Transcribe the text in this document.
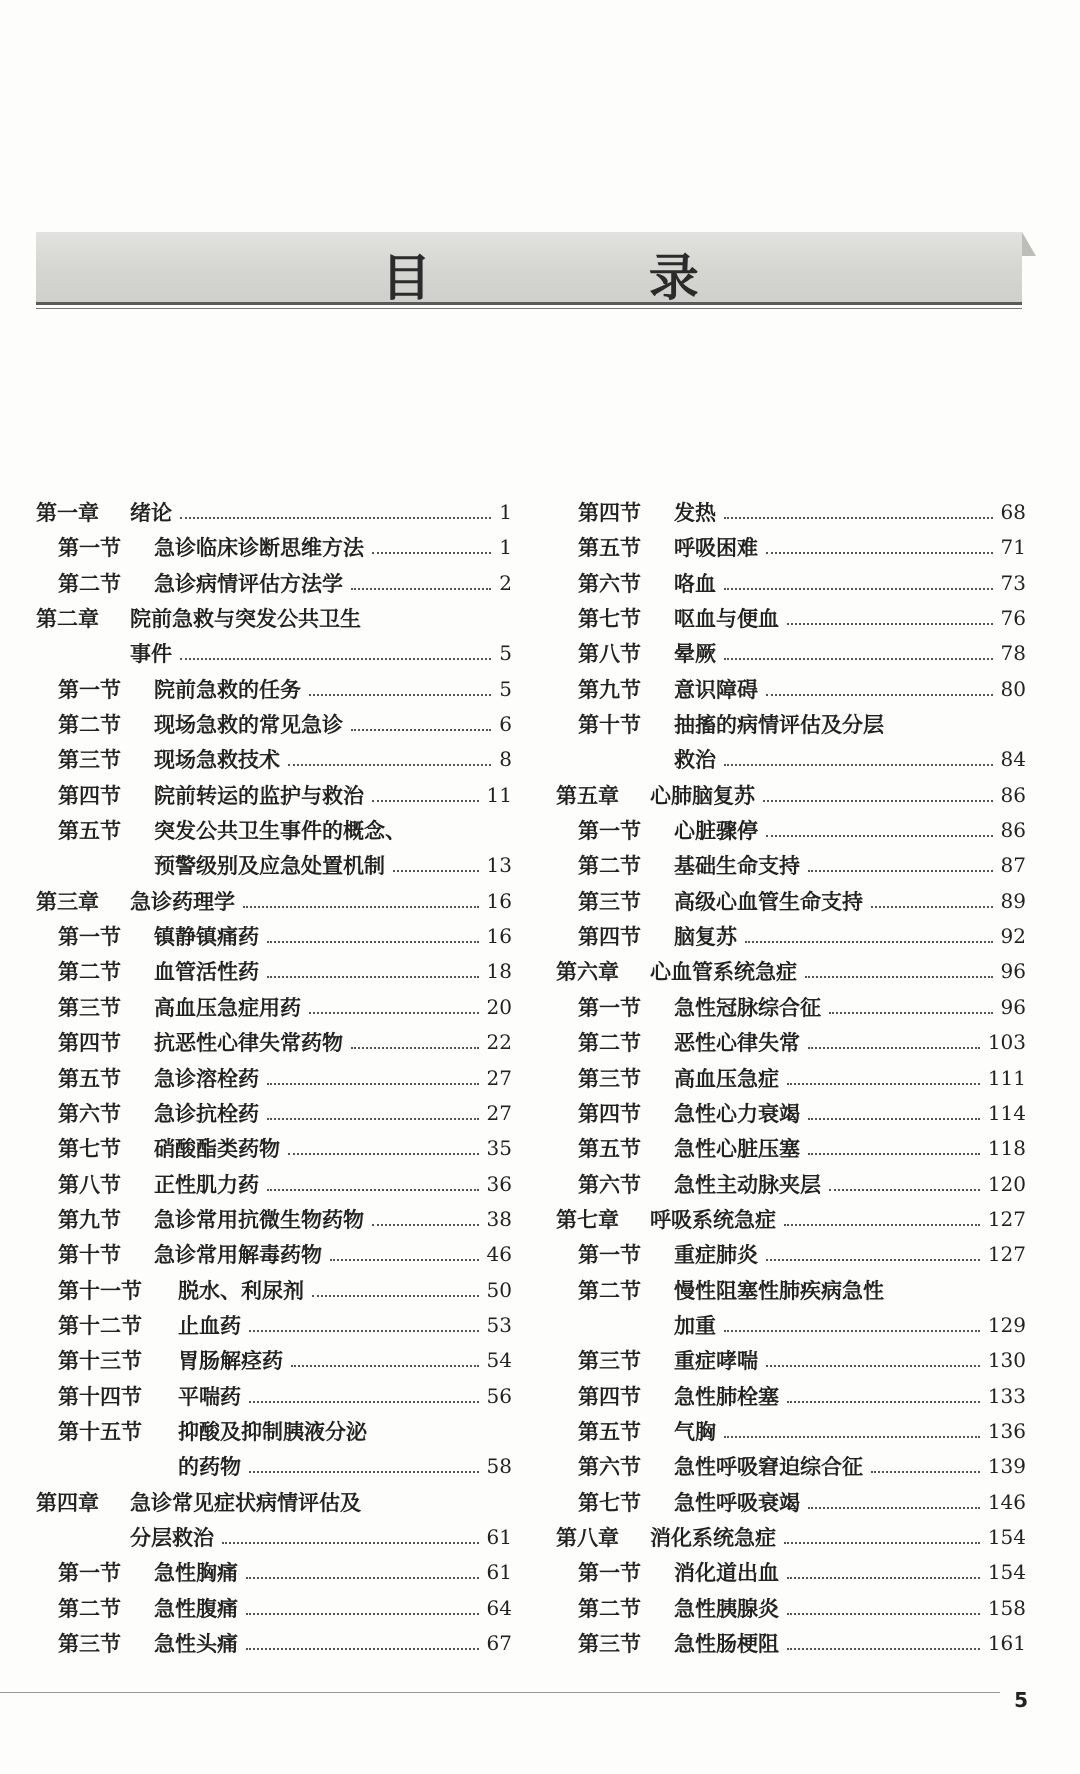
目 录
第一章 绪论	1
第一节 急诊临床诊断思维方法	1
第二节 急诊病情评估方法学	2
第二章 院前急救与突发公共卫生
事件	5
第一节 院前急救的任务	5
第二节 现场急救的常见急诊	6
第三节 现场急救技术	8
第四节 院前转运的监护与救治	11
第五节 突发公共卫生事件的概念、
预警级别及应急处置机制	13
第三章 急诊药理学	16
第一节 镇静镇痛药	16
第二节 血管活性药	18
第三节 高血压急症用药	20
第四节 抗恶性心律失常药物	22
第五节 急诊溶栓药	27
第六节 急诊抗栓药	27
第七节 硝酸酯类药物	35
第八节 正性肌力药	36
第九节 急诊常用抗微生物药物	38
第十节 急诊常用解毒药物	46
第十一节 脱水、利尿剂	50
第十二节 止血药	53
第十三节 胃肠解痉药	54
第十四节 平喘药	56
第十五节 抑酸及抑制胰液分泌
的药物	58
第四章 急诊常见症状病情评估及
分层救治	61
第一节 急性胸痛	61
第二节 急性腹痛	64
第三节 急性头痛	67
第四节 发热	68
第五节 呼吸困难	71
第六节 咯血	73
第七节 呕血与便血	76
第八节 晕厥	78
第九节 意识障碍	80
第十节 抽搐的病情评估及分层
救治	84
第五章 心肺脑复苏	86
第一节 心脏骤停	86
第二节 基础生命支持	87
第三节 高级心血管生命支持	89
第四节 脑复苏	92
第六章 心血管系统急症	96
第一节 急性冠脉综合征	96
第二节 恶性心律失常	103
第三节 高血压急症	111
第四节 急性心力衰竭	114
第五节 急性心脏压塞	118
第六节 急性主动脉夹层	120
第七章 呼吸系统急症	127
第一节 重症肺炎	127
第二节 慢性阻塞性肺疾病急性
加重	129
第三节 重症哮喘	130
第四节 急性肺栓塞	133
第五节 气胸	136
第六节 急性呼吸窘迫综合征	139
第七节 急性呼吸衰竭	146
第八章 消化系统急症	154
第一节 消化道出血	154
第二节 急性胰腺炎	158
第三节 急性肠梗阻	161
5
